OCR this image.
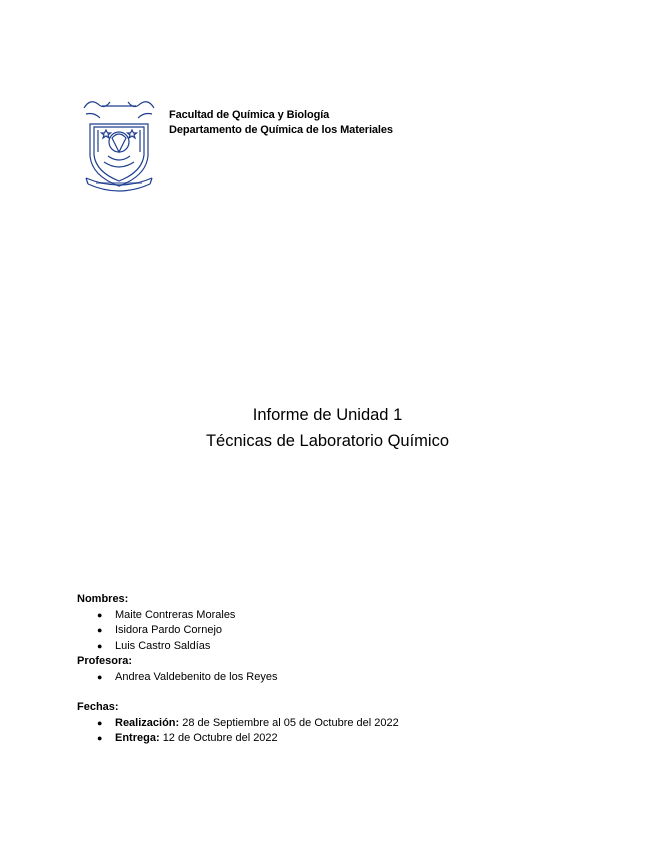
Facultad de Química y Biología
Departamento de Química de los Materiales
Informe de Unidad 1
Técnicas de Laboratorio Químico

Nombres:

● Maite Contreras Morales
● Isidora Pardo Cornejo
● Luis Castro Saldías

Profesora:

● Andrea Valdebenito de los Reyes

Fechas:

● Realización: 28 de Septiembre al 05 de Octubre del 2022
● Entrega: 12 de Octubre del 2022
